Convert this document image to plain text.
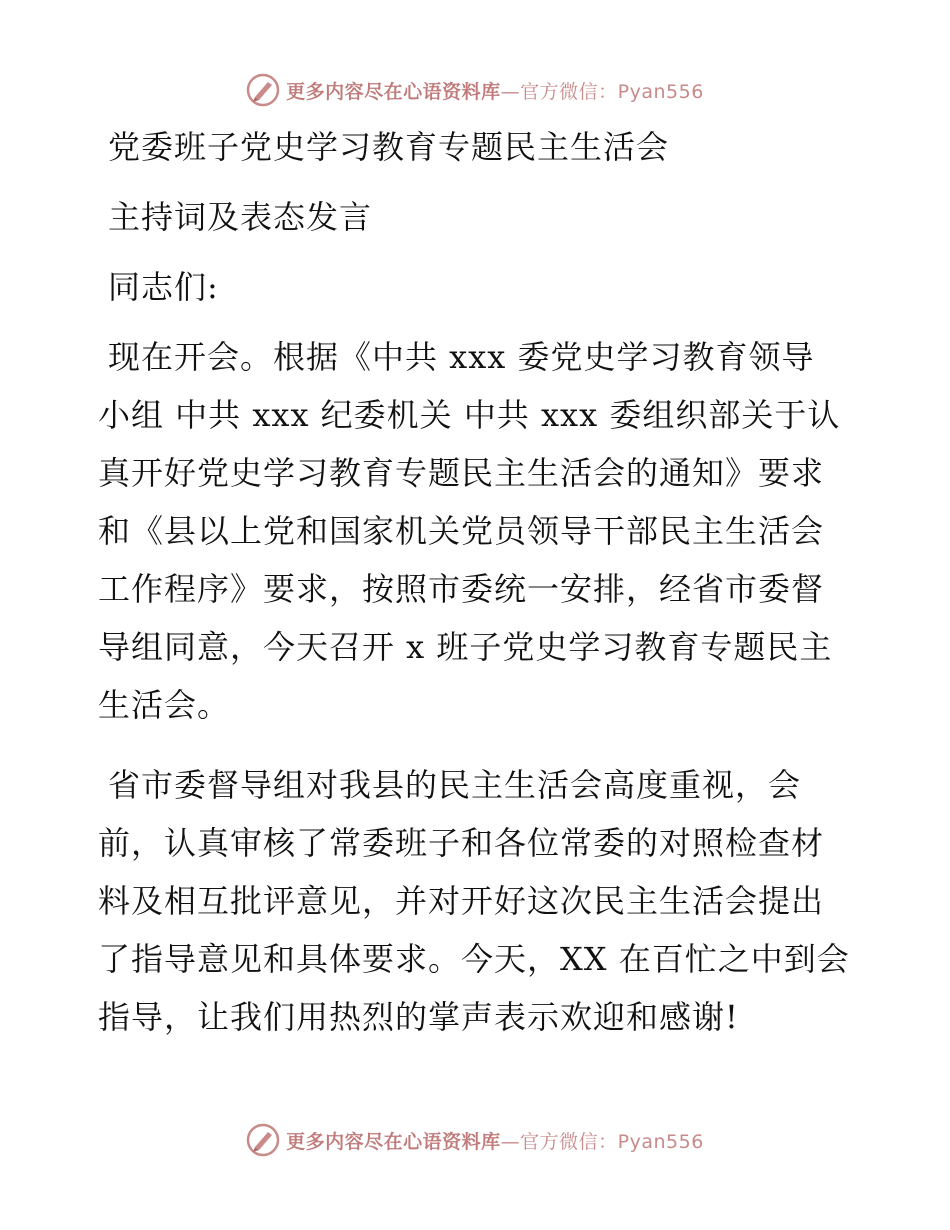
更多内容尽在心语资料库—官方微信：Pyan556
党委班子党史学习教育专题民主生活会
主持词及表态发言
同志们:
现在开会。根据《中共 xxx 委党史学习教育领导
小组 中共 xxx 纪委机关 中共 xxx 委组织部关于认
真开好党史学习教育专题民主生活会的通知》要求
和《县以上党和国家机关党员领导干部民主生活会
工作程序》要求，按照市委统一安排，经省市委督
导组同意，今天召开 x 班子党史学习教育专题民主
生活会。
省市委督导组对我县的民主生活会高度重视，会
前，认真审核了常委班子和各位常委的对照检查材
料及相互批评意见，并对开好这次民主生活会提出
了指导意见和具体要求。今天，XX 在百忙之中到会
指导，让我们用热烈的掌声表示欢迎和感谢!
更多内容尽在心语资料库—官方微信：Pyan556
